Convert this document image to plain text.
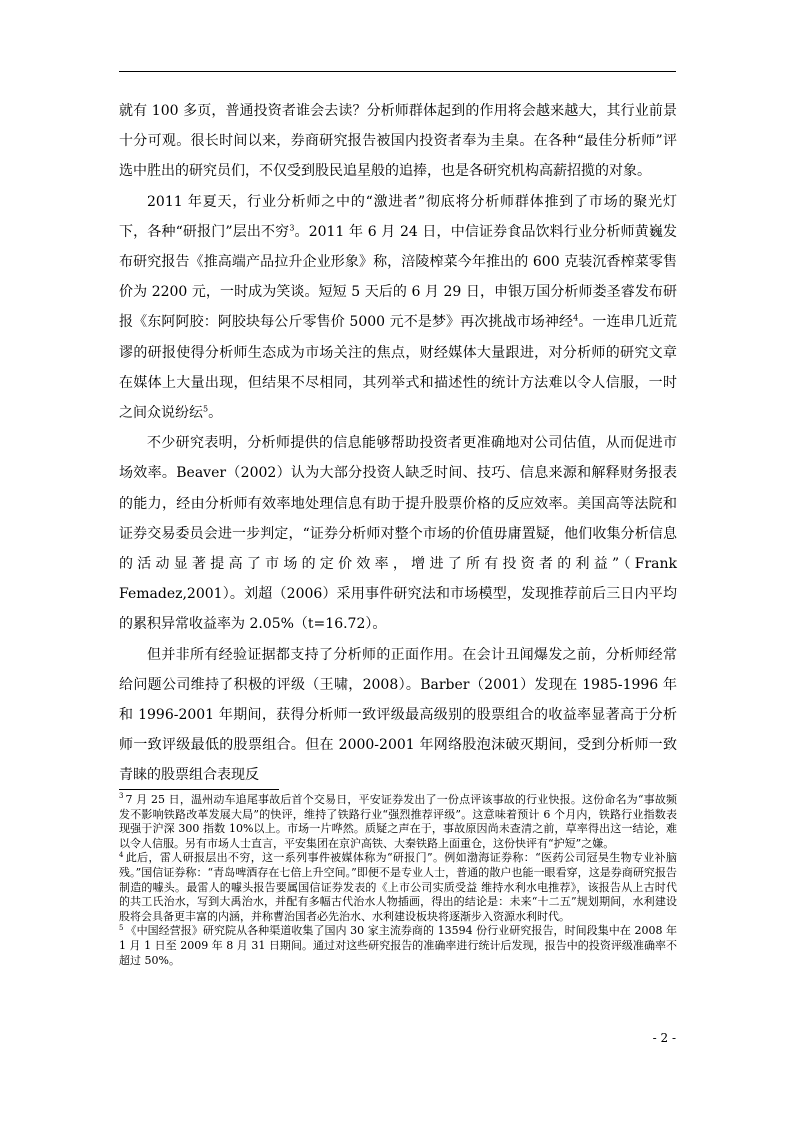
就有 100 多页，普通投资者谁会去读？分析师群体起到的作用将会越来越大，其行业前景十分可观。很长时间以来，券商研究报告被国内投资者奉为圭臬。在各种“最佳分析师”评选中胜出的研究员们，不仅受到股民追星般的追捧，也是各研究机构高薪招揽的对象。

2011 年夏天，行业分析师之中的“激进者”彻底将分析师群体推到了市场的聚光灯下，各种“研报门”层出不穷$^3$。2011 年 6 月 24 日，中信证券食品饮料行业分析师黄巍发布研究报告《推高端产品拉升企业形象》称，涪陵榨菜今年推出的 600 克装沉香榨菜零售价为 2200 元，一时成为笑谈。短短 5 天后的 6 月 29 日，申银万国分析师娄圣睿发布研报《东阿阿胶：阿胶块每公斤零售价 5000 元不是梦》再次挑战市场神经$^4$。一连串几近荒谬的研报使得分析师生态成为市场关注的焦点，财经媒体大量跟进，对分析师的研究文章在媒体上大量出现，但结果不尽相同，其列举式和描述性的统计方法难以令人信服，一时之间众说纷纭$^5$。

不少研究表明，分析师提供的信息能够帮助投资者更准确地对公司估值，从而促进市场效率。Beaver（2002）认为大部分投资人缺乏时间、技巧、信息来源和解释财务报表的能力，经由分析师有效率地处理信息有助于提升股票价格的反应效率。美国高等法院和证券交易委员会进一步判定，“证券分析师对整个市场的价值毋庸置疑，他们收集分析信息的活动显著提高了市场的定价效率，增进了所有投资者的利益”（Frank Femadez,2001）。刘超（2006）采用事件研究法和市场模型，发现推荐前后三日内平均的累积异常收益率为 2.05%（t=16.72）。

但并非所有经验证据都支持了分析师的正面作用。在会计丑闻爆发之前，分析师经常给问题公司维持了积极的评级（王啸，2008）。Barber（2001）发现在 1985-1996 年和 1996-2001 年期间，获得分析师一致评级最高级别的股票组合的收益率显著高于分析师一致评级最低的股票组合。但在 2000-2001 年网络股泡沫破灭期间，受到分析师一致青睐的股票组合表现反

$^3$ 7 月 25 日，温州动车追尾事故后首个交易日，平安证券发出了一份点评该事故的行业快报。这份命名为“事故频发不影响铁路改革发展大局”的快评，维持了铁路行业“强烈推荐评级”。这意味着预计 6 个月内，铁路行业指数表现强于沪深 300 指数 10%以上。市场一片哗然。质疑之声在于，事故原因尚未查清之前，草率得出这一结论，难以令人信服。另有市场人士直言，平安集团在京沪高铁、大秦铁路上面重仓，这份快评有“护短”之嫌。

$^4$ 此后，雷人研报层出不穷，这一系列事件被媒体称为“研报门”。例如渤海证券称：“医药公司冠昊生物专业补脑残。”国信证券称：“青岛啤酒存在七倍上升空间。”即便不是专业人士，普通的散户也能一眼看穿，这是券商研究报告制造的噱头。最雷人的噱头报告要属国信证券发表的《上市公司实质受益 维持水利水电推荐》，该报告从上古时代的共工氏治水，写到大禹治水，并配有多幅古代治水人物插画，得出的结论是：未来“十二五”规划期间，水利建设股将会具备更丰富的内涵，并称曹治国者必先治水、水利建设板块将逐渐步入资源水利时代。

$^5$ 《中国经营报》研究院从各种渠道收集了国内 30 家主流券商的 13594 份行业研究报告，时间段集中在 2008 年 1 月 1 日至 2009 年 8 月 31 日期间。通过对这些研究报告的准确率进行统计后发现，报告中的投资评级准确率不超过 50%。

- 2 -
